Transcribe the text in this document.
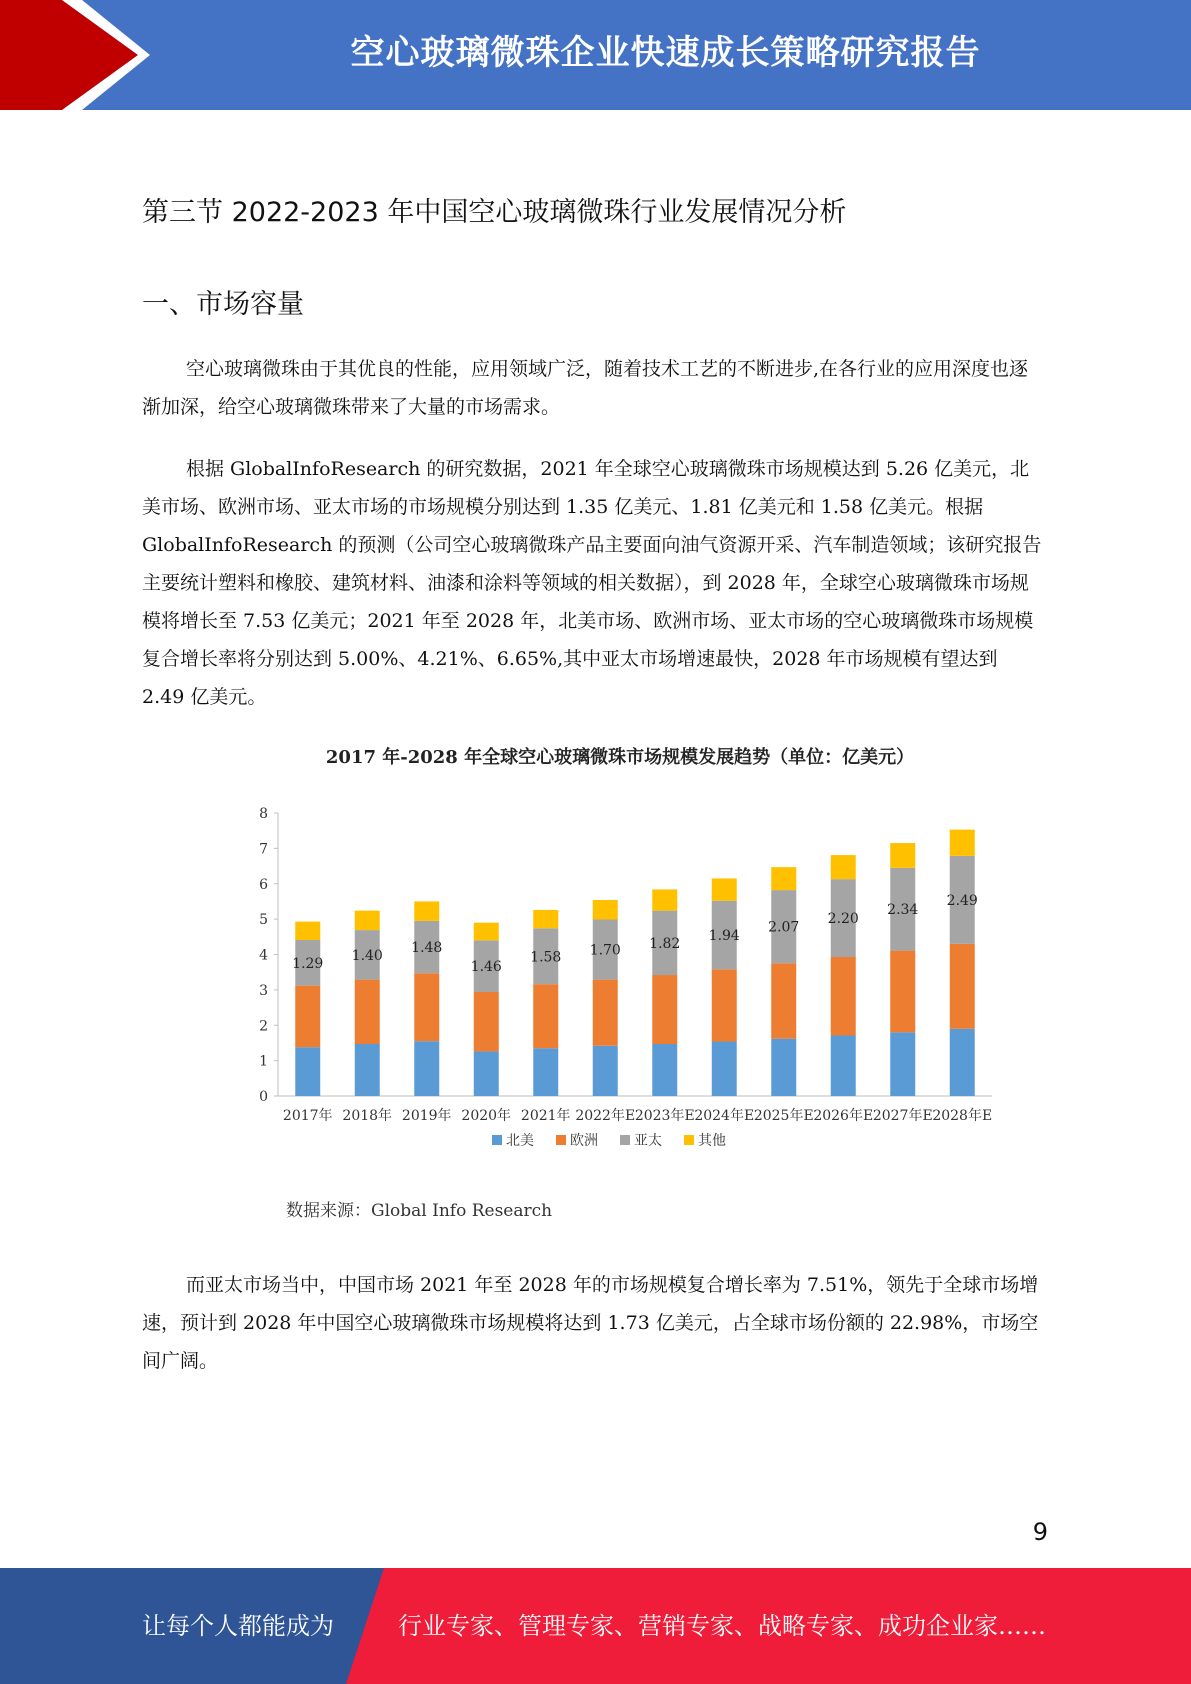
空心玻璃微珠企业快速成长策略研究报告
第三节 2022-2023 年中国空心玻璃微珠行业发展情况分析
一、市场容量

空心玻璃微珠由于其优良的性能，应用领域广泛，随着技术工艺的不断进步,在各行业的应用深度也逐渐加深，给空心玻璃微珠带来了大量的市场需求。

根据 GlobalInfoResearch 的研究数据，2021 年全球空心玻璃微珠市场规模达到 5.26 亿美元，北美市场、欧洲市场、亚太市场的市场规模分别达到 1.35 亿美元、1.81 亿美元和 1.58 亿美元。根据 GlobalInfoResearch 的预测（公司空心玻璃微珠产品主要面向油气资源开采、汽车制造领域；该研究报告主要统计塑料和橡胶、建筑材料、油漆和涂料等领域的相关数据），到 2028 年，全球空心玻璃微珠市场规模将增长至 7.53 亿美元；2021 年至 2028 年，北美市场、欧洲市场、亚太市场的空心玻璃微珠市场规模复合增长率将分别达到 5.00%、4.21%、6.65%,其中亚太市场增速最快，2028 年市场规模有望达到 2.49 亿美元。

2017 年-2028 年全球空心玻璃微珠市场规模发展趋势（单位：亿美元）
0
1
2
3
4
5
6
7
8
2017年 2018年 2019年 2020年 2021年 2022年E 2023年E 2024年E 2025年E 2026年E 2027年E 2028年E
1.29 1.40 1.48
1.46
1.58 1.70 1.82 1.94
2.07
2.20
2.34
2.49
北美	欧洲	亚太	其他
数据来源：Global Info Research

而亚太市场当中，中国市场 2021 年至 2028 年的市场规模复合增长率为 7.51%，领先于全球市场增速，预计到 2028 年中国空心玻璃微珠市场规模将达到 1.73 亿美元，占全球市场份额的 22.98%，市场空间广阔。

9
让每个人都能成为	行业专家、管理专家、营销专家、战略专家、成功企业家……
